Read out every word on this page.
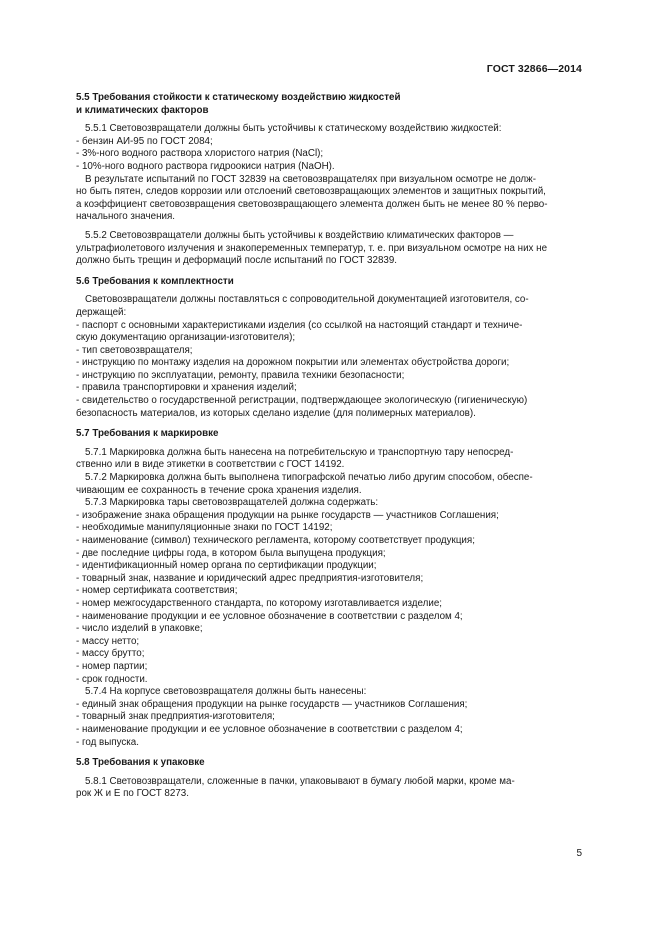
ГОСТ 32866—2014

5.5 Требования стойкости к статическому воздействию жидкостей

и климатических факторов

5.5.1 Световозвращатели должны быть устойчивы к статическому воздействию жидкостей:

- бензин АИ-95 по ГОСТ 2084;

- 3%-ного водного раствора хлористого натрия (NaCl);

- 10%-ного водного раствора гидроокиси натрия (NaOH).

В результате испытаний по ГОСТ 32839 на световозвращателях при визуальном осмотре не долж-

но быть пятен, следов коррозии или отслоений световозвращающих элементов и защитных покрытий,

а коэффициент световозвращения световозвращающего элемента должен быть не менее 80 % перво-

начального значения.

5.5.2 Световозвращатели должны быть устойчивы к воздействию климатических факторов —

ультрафиолетового излучения и знакопеременных температур, т. е. при визуальном осмотре на них не

должно быть трещин и деформаций после испытаний по ГОСТ 32839.

5.6 Требования к комплектности

Световозвращатели должны поставляться с сопроводительной документацией изготовителя, со-

держащей:

- паспорт с основными характеристиками изделия (со ссылкой на настоящий стандарт и техниче-

скую документацию организации-изготовителя);

- тип световозвращателя;

- инструкцию по монтажу изделия на дорожном покрытии или элементах обустройства дороги;

- инструкцию по эксплуатации, ремонту, правила техники безопасности;

- правила транспортировки и хранения изделий;

- свидетельство о государственной регистрации, подтверждающее экологическую (гигиеническую)

безопасность материалов, из которых сделано изделие (для полимерных материалов).

5.7 Требования к маркировке

5.7.1 Маркировка должна быть нанесена на потребительскую и транспортную тару непосред-

ственно или в виде этикетки в соответствии с ГОСТ 14192.

5.7.2 Маркировка должна быть выполнена типографской печатью либо другим способом, обеспе-

чивающим ее сохранность в течение срока хранения изделия.

5.7.3 Маркировка тары световозвращателей должна содержать:

- изображение знака обращения продукции на рынке государств — участников Соглашения;

- необходимые манипуляционные знаки по ГОСТ 14192;

- наименование (символ) технического регламента, которому соответствует продукция;

- две последние цифры года, в котором была выпущена продукция;

- идентификационный номер органа по сертификации продукции;

- товарный знак, название и юридический адрес предприятия-изготовителя;

- номер сертификата соответствия;

- номер межгосударственного стандарта, по которому изготавливается изделие;

- наименование продукции и ее условное обозначение в соответствии с разделом 4;

- число изделий в упаковке;

- массу нетто;

- массу брутто;

- номер партии;

- срок годности.

5.7.4 На корпусе световозвращателя должны быть нанесены:

- единый знак обращения продукции на рынке государств — участников Соглашения;

- товарный знак предприятия-изготовителя;

- наименование продукции и ее условное обозначение в соответствии с разделом 4;

- год выпуска.

5.8 Требования к упаковке

5.8.1 Световозвращатели, сложенные в пачки, упаковывают в бумагу любой марки, кроме ма-

рок Ж и Е по ГОСТ 8273.

5
